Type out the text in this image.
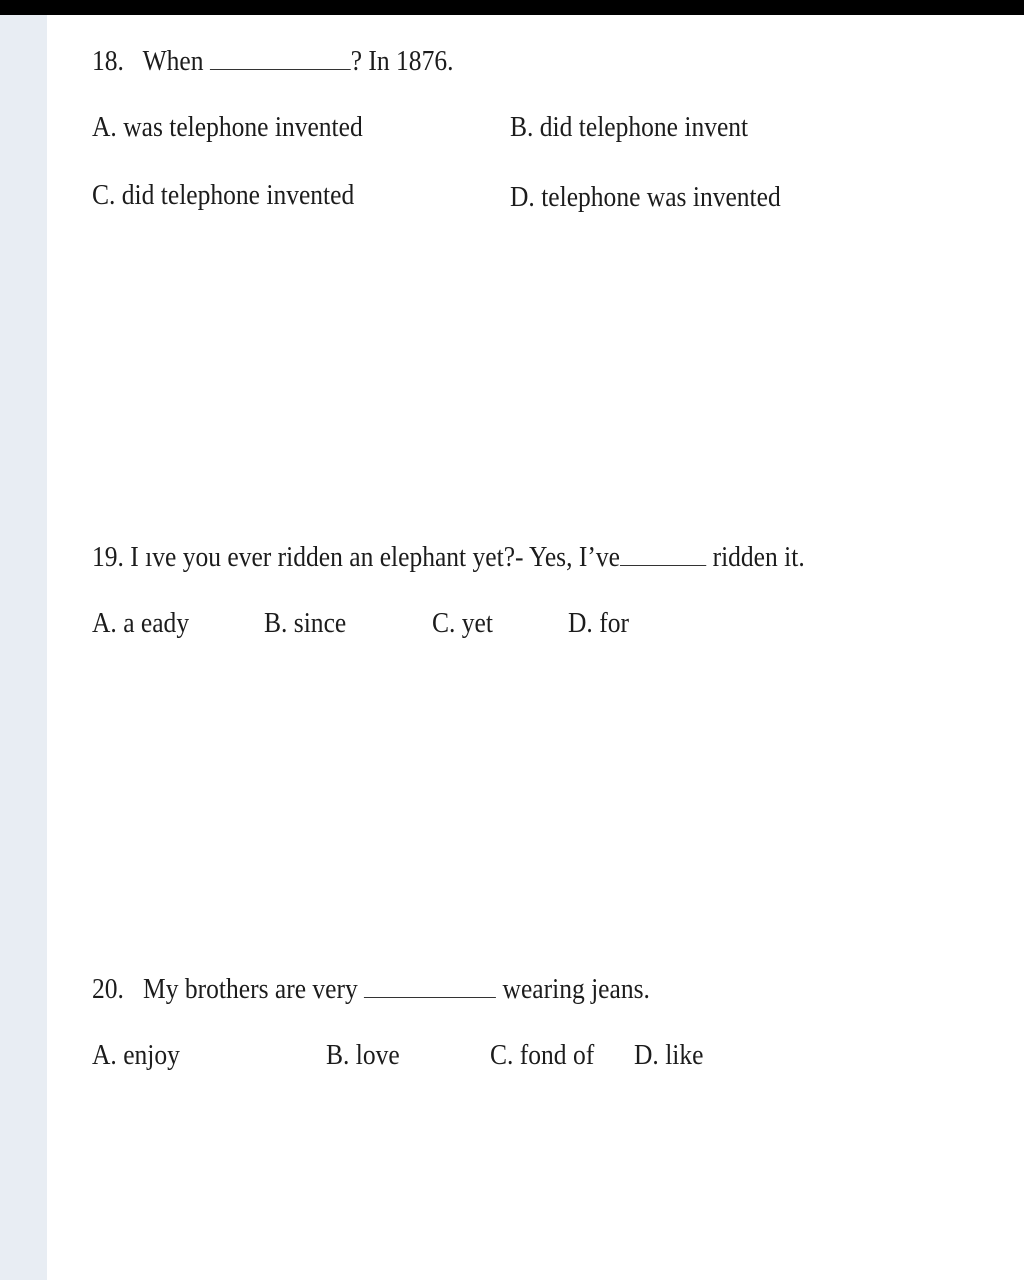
18. When	? In 1876.
A. was telephone invented	B. did telephone invent
C. did telephone invented	D. telephone was invented
19. I ıve you ever ridden an elephant yet?- Yes, I’ve	ridden it.
A. a eady	B. since	C. yet	D. for
20. My brothers are very	wearing jeans.
A. enjoy	B. love	C. fond of D. like
